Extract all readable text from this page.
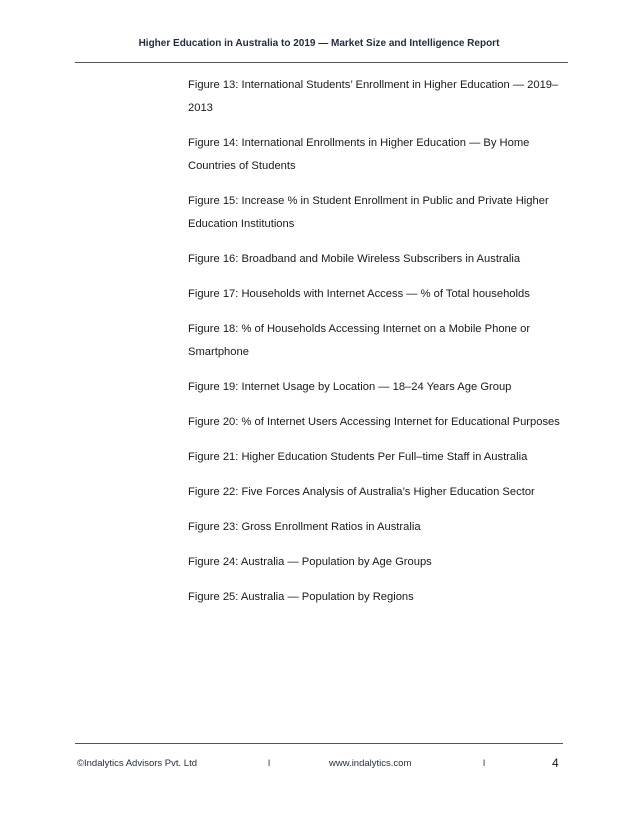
Higher Education in Australia to 2019 — Market Size and Intelligence Report
Figure 13: International Students’ Enrollment in Higher Education — 2019–2013
Figure 14: International Enrollments in Higher Education — By Home Countries of Students
Figure 15: Increase % in Student Enrollment in Public and Private Higher Education Institutions
Figure 16: Broadband and Mobile Wireless Subscribers in Australia
Figure 17: Households with Internet Access — % of Total households
Figure 18: % of Households Accessing Internet on a Mobile Phone or Smartphone
Figure 19: Internet Usage by Location — 18–24 Years Age Group
Figure 20: % of Internet Users Accessing Internet for Educational Purposes
Figure 21: Higher Education Students Per Full–time Staff in Australia
Figure 22: Five Forces Analysis of Australia’s Higher Education Sector
Figure 23: Gross Enrollment Ratios in Australia
Figure 24: Australia — Population by Age Groups
Figure 25: Australia — Population by Regions
©Indalytics Advisors Pvt. Ltd	l	www.indalytics.com	l	4
